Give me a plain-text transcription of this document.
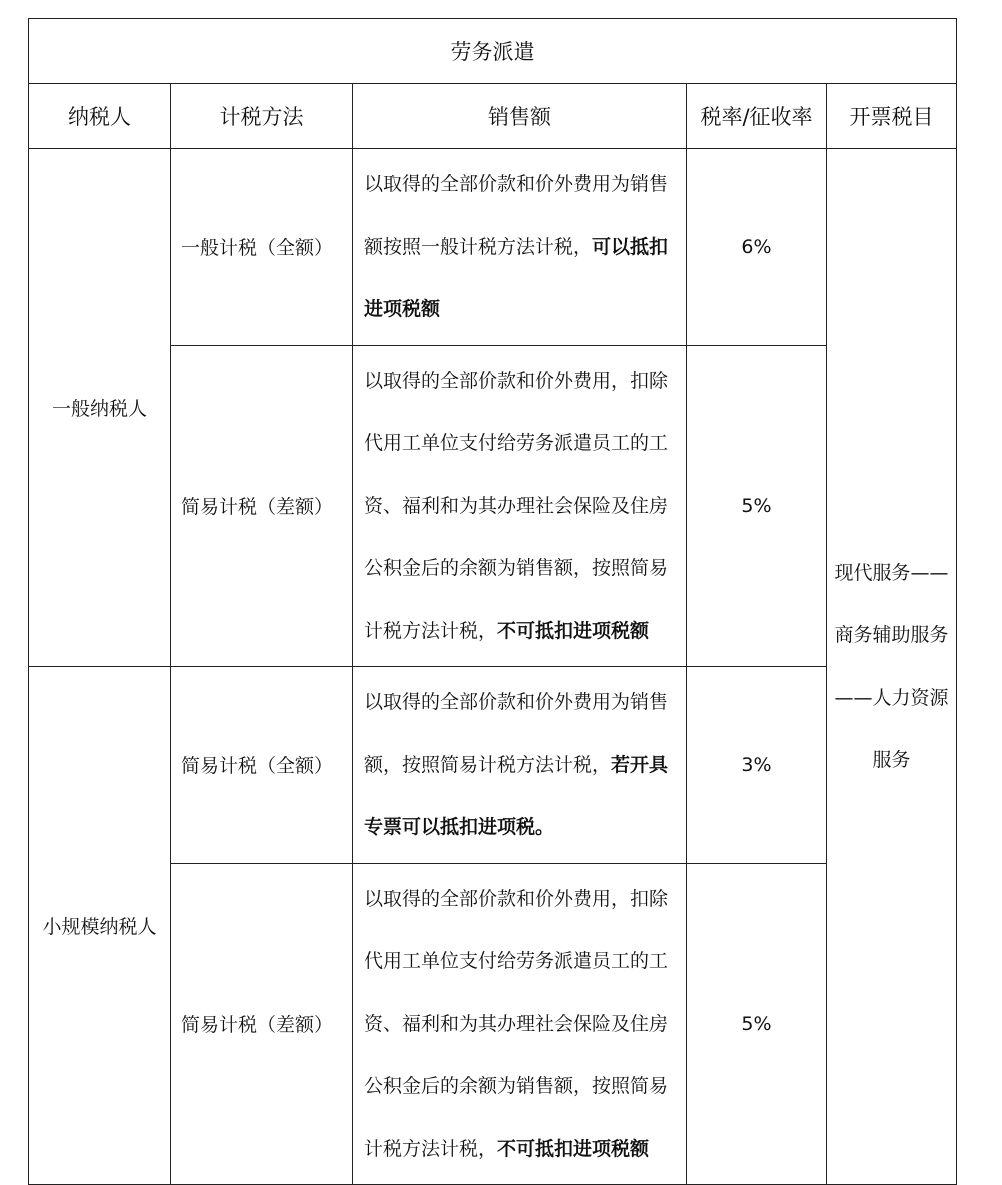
劳务派遣				
纳税人	计税方法	销售额	税率/征收率	开票税目
一般纳税人	一般计税（全额）	以取得的全部价款和价外费用为销售额按照一般计税方法计税，可以抵扣进项税额	6%	现代服务——商务辅助服务——人力资源服务
	简易计税（差额）	以取得的全部价款和价外费用，扣除代用工单位支付给劳务派遣员工的工资、福利和为其办理社会保险及住房公积金后的余额为销售额，按照简易计税方法计税，不可抵扣进项税额	5%	
小规模纳税人	简易计税（全额）	以取得的全部价款和价外费用为销售额，按照简易计税方法计税，若开具专票可以抵扣进项税。	3%	
	简易计税（差额）	以取得的全部价款和价外费用，扣除代用工单位支付给劳务派遣员工的工资、福利和为其办理社会保险及住房公积金后的余额为销售额，按照简易计税方法计税，不可抵扣进项税额	5%	
